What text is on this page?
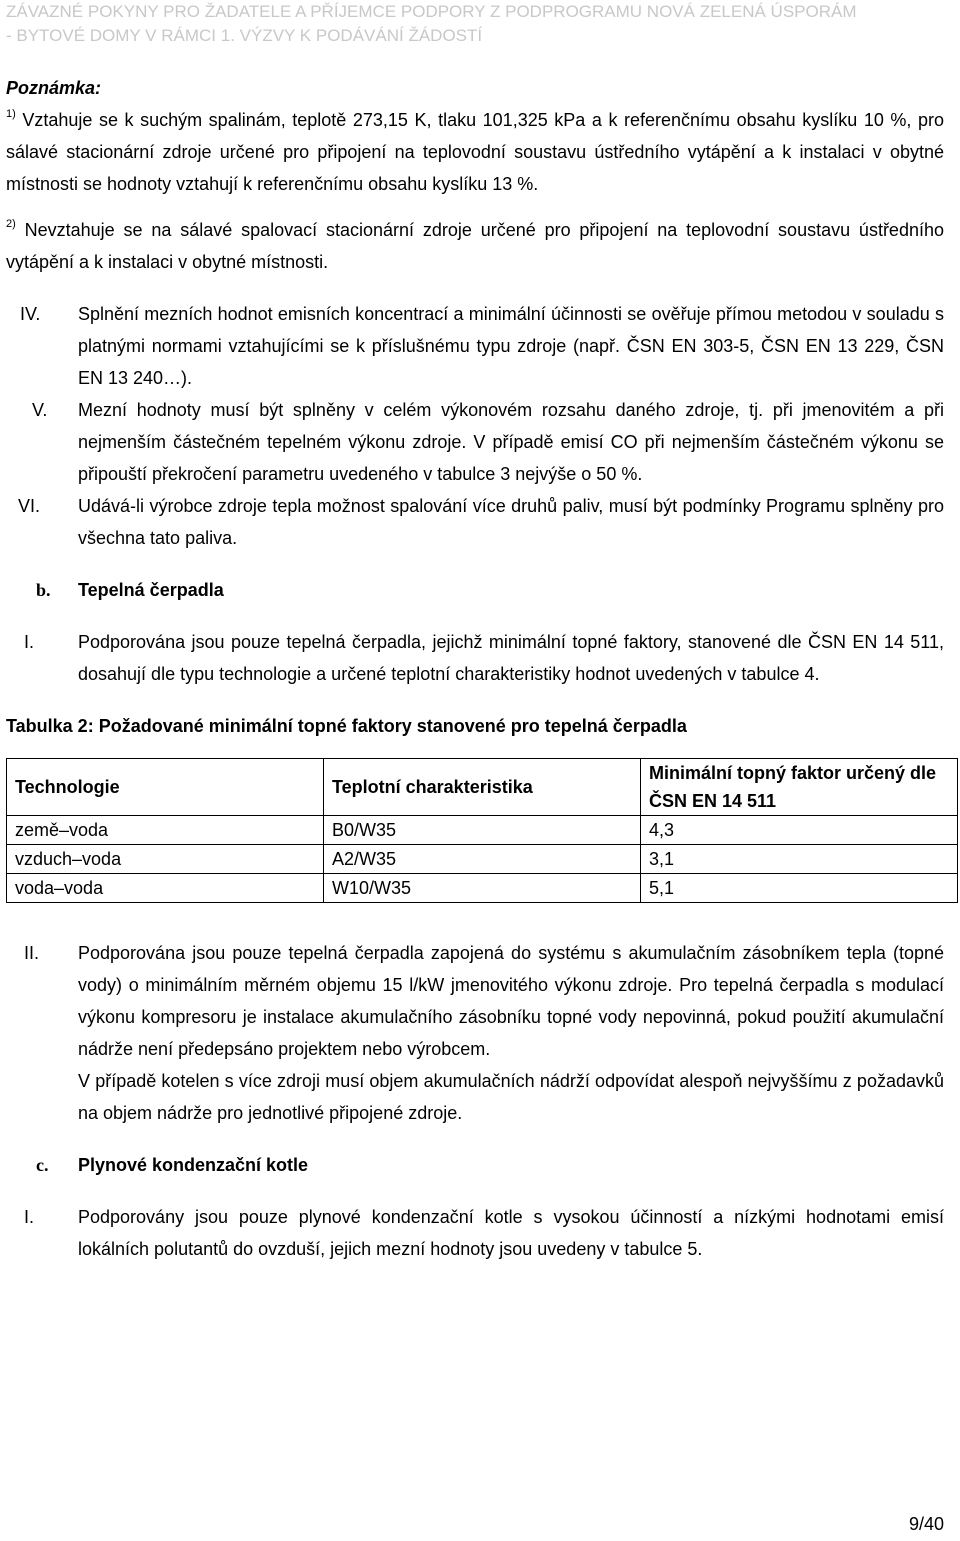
ZÁVAZNÉ POKYNY PRO ŽADATELE A PŘÍJEMCE PODPORY Z PODPROGRAMU NOVÁ ZELENÁ ÚSPORÁM
- BYTOVÉ DOMY V RÁMCI 1. VÝZVY K PODÁVÁNÍ ŽÁDOSTÍ

Poznámka:

$^{1)}$ Vztahuje se k suchým spalinám, teplotě 273,15 K, tlaku 101,325 kPa a k referenčnímu obsahu kyslíku 10 %, pro sálavé stacionární zdroje určené pro připojení na teplovodní soustavu ústředního vytápění a k instalaci v obytné místnosti se hodnoty vztahují k referenčnímu obsahu kyslíku 13 %.

$^{2)}$ Nevztahuje se na sálavé spalovací stacionární zdroje určené pro připojení na teplovodní soustavu ústředního vytápění a k instalaci v obytné místnosti.

IV.	Splnění mezních hodnot emisních koncentrací a minimální účinnosti se ověřuje přímou metodou v souladu s platnými normami vztahujícími se k příslušnému typu zdroje (např. ČSN EN 303-5, ČSN EN 13 229, ČSN EN 13 240…).
V.	Mezní hodnoty musí být splněny v celém výkonovém rozsahu daného zdroje, tj. při jmenovitém a při nejmenším částečném tepelném výkonu zdroje. V případě emisí CO při nejmenším částečném výkonu se připouští překročení parametru uvedeného v tabulce 3 nejvýše o 50 %.
VI.	Udává-li výrobce zdroje tepla možnost spalování více druhů paliv, musí být podmínky Programu splněny pro všechna tato paliva.
b.	Tepelná čerpadla
I.	Podporována jsou pouze tepelná čerpadla, jejichž minimální topné faktory, stanovené dle ČSN EN 14 511, dosahují dle typu technologie a určené teplotní charakteristiky hodnot uvedených v tabulce 4.

Tabulka 2: Požadované minimální topné faktory stanovené pro tepelná čerpadla

Technologie	Teplotní charakteristika	Minimální topný faktor určený dle ČSN EN 14 511
země–voda	B0/W35	4,3
vzduch–voda	A2/W35	3,1
voda–voda	W10/W35	5,1
II.	Podporována jsou pouze tepelná čerpadla zapojená do systému s akumulačním zásobníkem tepla (topné vody) o minimálním měrném objemu 15 l/kW jmenovitého výkonu zdroje. Pro tepelná čerpadla s modulací výkonu kompresoru je instalace akumulačního zásobníku topné vody nepovinná, pokud použití akumulační nádrže není předepsáno projektem nebo výrobcem.
V případě kotelen s více zdroji musí objem akumulačních nádrží odpovídat alespoň nejvyššímu z požadavků na objem nádrže pro jednotlivé připojené zdroje.
c.	Plynové kondenzační kotle
I.	Podporovány jsou pouze plynové kondenzační kotle s vysokou účinností a nízkými hodnotami emisí lokálních polutantů do ovzduší, jejich mezní hodnoty jsou uvedeny v tabulce 5.
9/40
